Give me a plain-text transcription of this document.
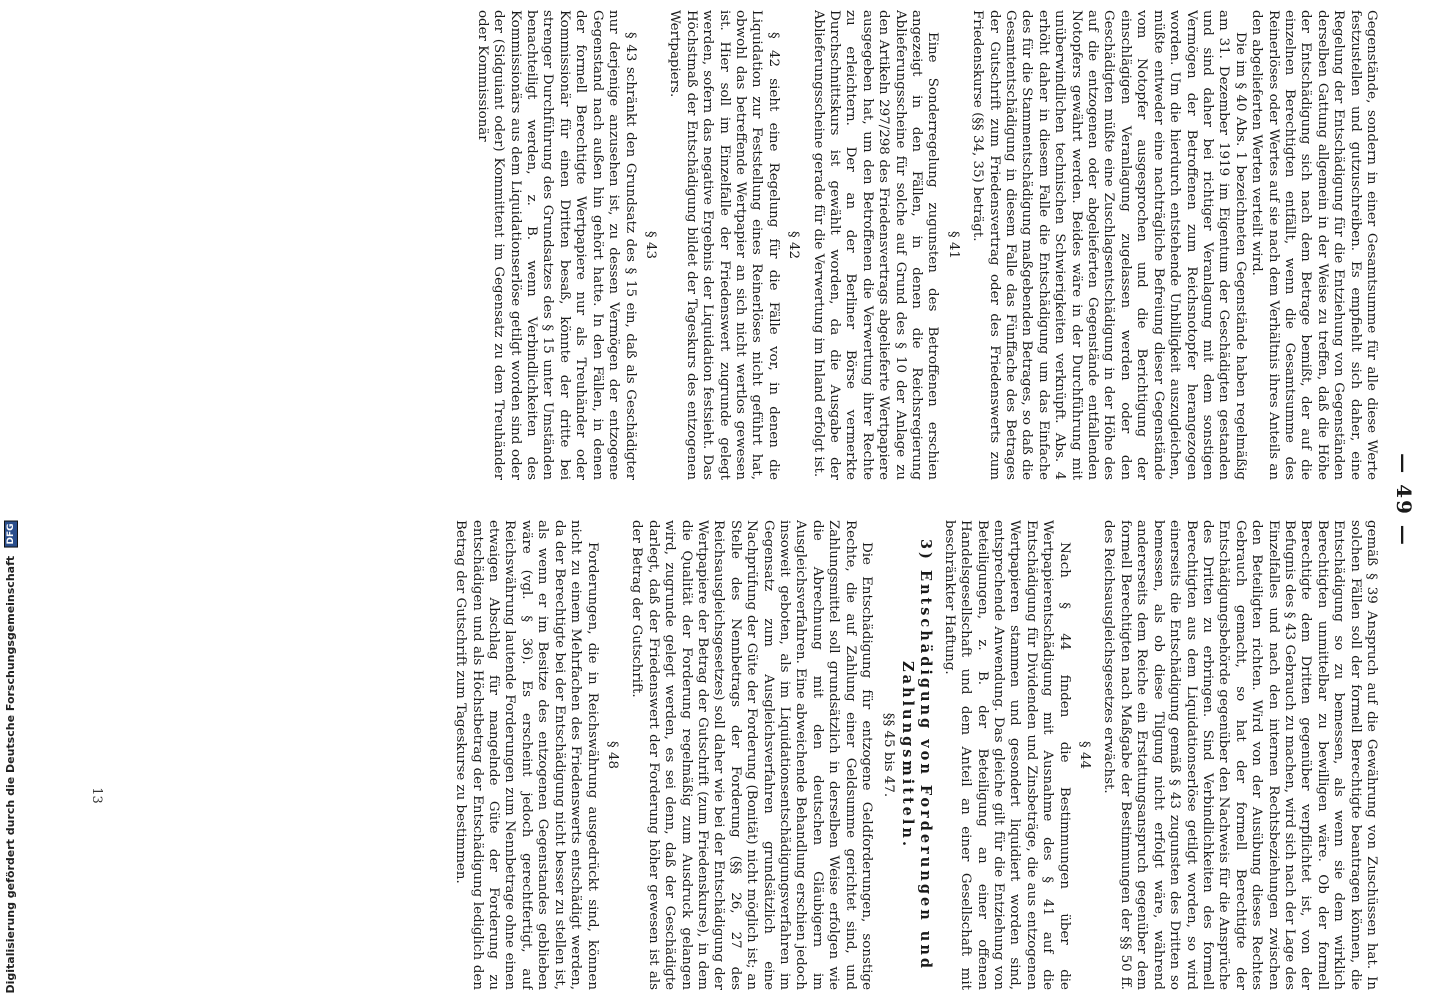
— 49 —

Gegenstände, sondern in einer Gesamtsumme für alle diese Werte festzustellen und gutzuschreiben. Es empfiehlt sich daher, eine Regelung der Entschädigung für die Entziehung von Gegenständen derselben Gattung allgemein in der Weise zu treffen, daß die Höhe der Entschädigung sich nach dem Betrage bemißt, der auf die einzelnen Berechtigten entfällt, wenn die Gesamtsumme des Reinerlöses oder Wertes auf sie nach dem Verhältnis ihres Anteils an den abgelieferten Werten verteilt wird.

Die im § 40 Abs. 1 bezeichneten Gegenstände haben regelmäßig am 31. Dezember 1919 im Eigentum der Geschädigten gestanden und sind daher bei richtiger Veranlagung mit dem sonstigen Vermögen der Betroffenen zum Reichsnotopfer herangezogen worden. Um die hierdurch entstehende Unbilligkeit auszugleichen, müßte entweder eine nachträgliche Befreiung dieser Gegenstände vom Notopfer ausgesprochen und die Berichtigung der einschlägigen Veranlagung zugelassen werden oder den Geschädigten müßte eine Zuschlagsentschädigung in der Höhe des auf die entzogenen oder abgelieferten Gegenstände entfallenden Notopfers gewährt werden. Beides wäre in der Durchführung mit unüberwindlichen technischen Schwierigkeiten verknüpft. Abs. 4 erhöht daher in diesem Falle die Entschädigung um das Einfache des für die Stammentschädigung maßgebenden Betrages, so daß die Gesamtentschädigung in diesem Falle das Fünffache des Betrages der Gutschrift zum Friedensvertrag oder des Friedenswerts zum Friedenskurse (§§ 34, 35) beträgt.

§ 41

Eine Sonderregelung zugunsten des Betroffenen erschien angezeigt in den Fällen, in denen die Reichsregierung Ablieferungsscheine für solche auf Grund des § 10 der Anlage zu den Artikeln 297/298 des Friedensvertrags abgelieferte Wertpapiere ausgegeben hat, um den Betroffenen die Verwertung ihrer Rechte zu erleichtern. Der an der Berliner Börse vermerkte Durchschnittskurs ist gewählt worden, da die Ausgabe der Ablieferungsscheine gerade für die Verwertung im Inland erfolgt ist.

§ 42

§ 42 sieht eine Regelung für die Fälle vor, in denen die Liquidation zur Feststellung eines Reinerlöses nicht geführt hat, obwohl das betreffende Wertpapier an sich nicht wertlos gewesen ist. Hier soll im Einzelfalle der Friedenswert zugrunde gelegt werden, sofern das negative Ergebnis der Liquidation festsieht. Das Höchstmaß der Entschädigung bildet der Tageskurs des entzogenen Wertpapiers.

§ 43

§ 43 schränkt den Grundsatz des § 15 ein, daß als Geschädigter nur derjenige anzusehen ist, zu dessen Vermögen der entzogene Gegenstand nach außen hin gehört hatte. In den Fällen, in denen der formell Berechtigte Wertpapiere nur als Treuhänder oder Kommissionär für einen Dritten besaß, könnte der dritte bei strenger Durchführung des Grundsatzes des § 15 unter Umständen benachteiligt werden, z. B. wenn Verbindlichkeiten des Kommissionärs aus dem Liquidationserlöse getilgt worden sind oder der (Sidguiant oder) Kommittent im Gegensatz zu dem Treuhänder oder Kommissionär

gemäß § 39 Anspruch auf die Gewährung von Zuschüssen hat. In solchen Fällen soll der formell Berechtigte beantragen können, die Entschädigung so zu bemessen, als wenn sie dem wirklich Berechtigten unmittelbar zu bewilligen wäre. Ob der formell Berechtigte dem Dritten gegenüber verpflichtet ist, von der Befugnis des § 43 Gebrauch zu machen, wird sich nach der Lage des Einzelfalles und nach den internen Rechtsbeziehungen zwischen den Beteiligten richten. Wird von der Ausübung dieses Rechtes Gebrauch gemacht, so hat der formell Berechtigte der Entschädigungsbehörde gegenüber den Nachweis für die Ansprüche des Dritten zu erbringen. Sind Verbindlichkeiten des formell Berechtigten aus dem Liquidationserlöse getilgt worden, so wird einerseits die Entschädigung gemäß § 43 zugunsten des Dritten so bemessen, als ob diese Tilgung nicht erfolgt wäre, während andererseits dem Reiche ein Erstattungsanspruch gegenüber dem formell Berechtigten nach Maßgabe der Bestimmungen der §§ 50 ff. des Reichsausgleichsgesetzes erwächst.

§ 44

Nach § 44 finden die Bestimmungen über die Wertpapierentschädigung mit Ausnahme des § 41 auf die Entschädigung für Dividenden und Zinsbeträge, die aus entzogenen Wertpapieren stammen und gesondert liquidiert worden sind, entsprechende Anwendung. Das gleiche gilt für die Entziehung von Beteiligungen, z. B. der Beteiligung an einer offenen Handelsgesellschaft und dem Anteil an einer Gesellschaft mit beschränkter Haftung.

3) Entschädigung von Forderungen und Zahlungsmitteln.
§§ 45 bis 47.

Die Entschädigung für entzogene Geldforderungen, sonstige Rechte, die auf Zahlung einer Geldsumme gerichtet sind, und Zahlungsmittel soll grundsätzlich in derselben Weise erfolgen wie die Abrechnung mit den deutschen Gläubigern im Ausgleichsverfahren. Eine abweichende Behandlung erschien jedoch insoweit geboten, als im Liquidationsentschädigungsverfahren im Gegensatz zum Ausgleichsverfahren grundsätzlich eine Nachprüfung der Güte der Forderung (Bonität) nicht möglich ist; an Stelle des Nennbetrags der Forderung (§§ 26, 27 des Reichsausgleichsgesetzes) soll daher wie bei der Entschädigung der Wertpapiere der Betrag der Gutschrift (zum Friedenskurse), in dem die Qualität der Forderung regelmäßig zum Ausdruck gelangen wird, zugrunde gelegt werden, es sei denn, daß der Geschädigte darlegt, daß der Friedenswert der Forderung höher gewesen ist als der Betrag der Gutschrift.

§ 48

Forderungen, die in Reichswährung ausgedrückt sind, können nicht zu einem Mehrfachen des Friedenswerts entschädigt werden, da der Berechtigte bei der Entschädigung nicht besser zu stellen ist, als wenn er im Besitze des entzogenen Gegenstandes geblieben wäre (vgl. § 36). Es erscheint jedoch gerechtfertigt, auf Reichswährung lautende Forderungen zum Nennbetrage ohne einen etwaigen Abschlag für mangelnde Güte der Forderung zu entschädigen und als Höchstbetrag der Entschädigung lediglich den Betrag der Gutschrift zum Tageskurse zu bestimmen.

13
Digitalisierung gefördert durch die Deutsche Forschungsgemeinschaft DFG
